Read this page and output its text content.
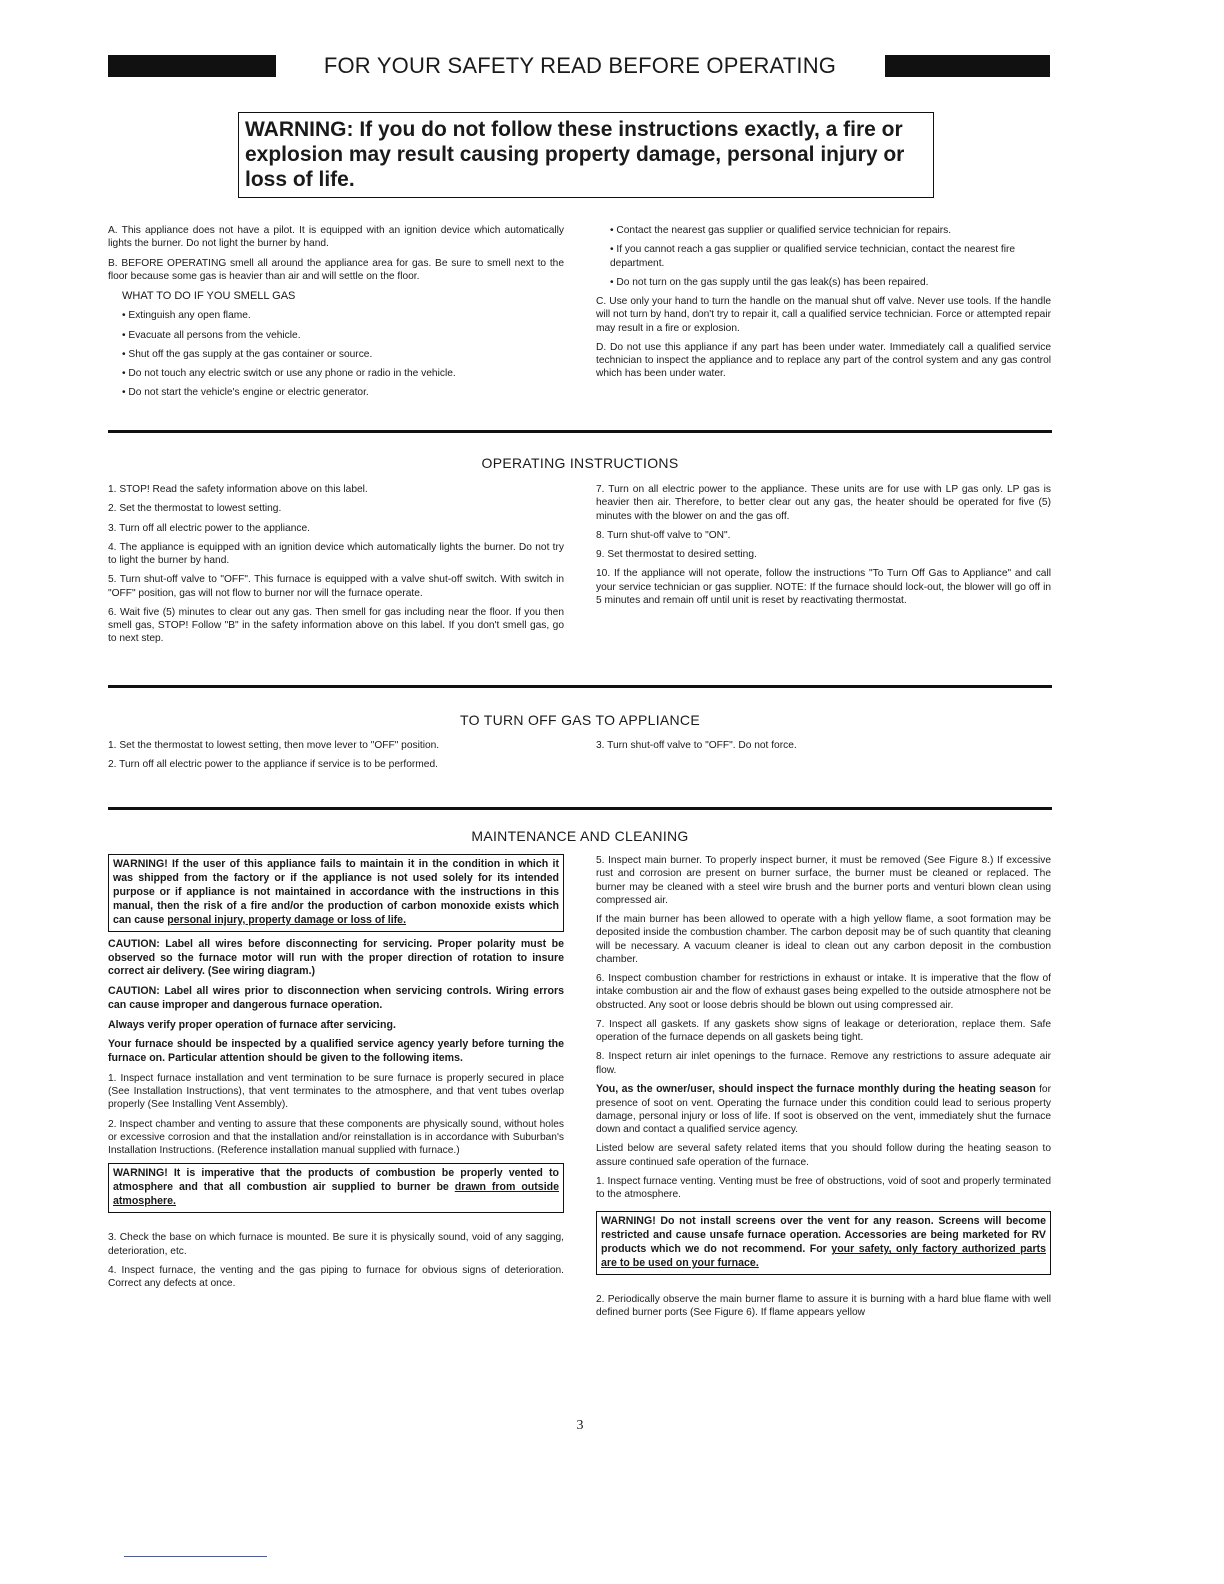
FOR YOUR SAFETY READ BEFORE OPERATING
WARNING: If you do not follow these instructions exactly, a fire or explosion may result causing property damage, personal injury or loss of life.

A. This appliance does not have a pilot. It is equipped with an ignition device which automatically lights the burner. Do not light the burner by hand.

B. BEFORE OPERATING smell all around the appliance area for gas. Be sure to smell next to the floor because some gas is heavier than air and will settle on the floor.

WHAT TO DO IF YOU SMELL GAS

• Extinguish any open flame.

• Evacuate all persons from the vehicle.

• Shut off the gas supply at the gas container or source.

• Do not touch any electric switch or use any phone or radio in the vehicle.

• Do not start the vehicle's engine or electric generator.

• Contact the nearest gas supplier or qualified service technician for repairs.

• If you cannot reach a gas supplier or qualified service technician, contact the nearest fire department.

• Do not turn on the gas supply until the gas leak(s) has been repaired.

C. Use only your hand to turn the handle on the manual shut off valve. Never use tools. If the handle will not turn by hand, don't try to repair it, call a qualified service technician. Force or attempted repair may result in a fire or explosion.

D. Do not use this appliance if any part has been under water. Immediately call a qualified service technician to inspect the appliance and to replace any part of the control system and any gas control which has been under water.

OPERATING INSTRUCTIONS

1. STOP! Read the safety information above on this label.

2. Set the thermostat to lowest setting.

3. Turn off all electric power to the appliance.

4. The appliance is equipped with an ignition device which automatically lights the burner. Do not try to light the burner by hand.

5. Turn shut-off valve to "OFF". This furnace is equipped with a valve shut-off switch. With switch in "OFF" position, gas will not flow to burner nor will the furnace operate.

6. Wait five (5) minutes to clear out any gas. Then smell for gas including near the floor. If you then smell gas, STOP! Follow "B" in the safety information above on this label. If you don't smell gas, go to next step.

7. Turn on all electric power to the appliance. These units are for use with LP gas only. LP gas is heavier then air. Therefore, to better clear out any gas, the heater should be operated for five (5) minutes with the blower on and the gas off.

8. Turn shut-off valve to "ON".

9. Set thermostat to desired setting.

10. If the appliance will not operate, follow the instructions "To Turn Off Gas to Appliance" and call your service technician or gas supplier. NOTE: If the furnace should lock-out, the blower will go off in 5 minutes and remain off until unit is reset by reactivating thermostat.

TO TURN OFF GAS TO APPLIANCE

1. Set the thermostat to lowest setting, then move lever to "OFF" position.

2. Turn off all electric power to the appliance if service is to be performed.

3. Turn shut-off valve to "OFF". Do not force.

MAINTENANCE AND CLEANING
WARNING! If the user of this appliance fails to maintain it in the condition in which it was shipped from the factory or if the appliance is not used solely for its intended purpose or if appliance is not maintained in accordance with the instructions in this manual, then the risk of a fire and/or the production of carbon monoxide exists which can cause personal injury, property damage or loss of life.

CAUTION: Label all wires before disconnecting for servicing. Proper polarity must be observed so the furnace motor will run with the proper direction of rotation to insure correct air delivery. (See wiring diagram.)

CAUTION: Label all wires prior to disconnection when servicing controls. Wiring errors can cause improper and dangerous furnace operation.

Always verify proper operation of furnace after servicing.

Your furnace should be inspected by a qualified service agency yearly before turning the furnace on. Particular attention should be given to the following items.

1. Inspect furnace installation and vent termination to be sure furnace is properly secured in place (See Installation Instructions), that vent terminates to the atmosphere, and that vent tubes overlap properly (See Installing Vent Assembly).

2. Inspect chamber and venting to assure that these components are physically sound, without holes or excessive corrosion and that the installation and/or reinstallation is in accordance with Suburban's Installation Instructions. (Reference installation manual supplied with furnace.)

WARNING! It is imperative that the products of combustion be properly vented to atmosphere and that all combustion air supplied to burner be drawn from outside atmosphere.

3. Check the base on which furnace is mounted. Be sure it is physically sound, void of any sagging, deterioration, etc.

4. Inspect furnace, the venting and the gas piping to furnace for obvious signs of deterioration. Correct any defects at once.

5. Inspect main burner. To properly inspect burner, it must be removed (See Figure 8.) If excessive rust and corrosion are present on burner surface, the burner must be cleaned or replaced. The burner may be cleaned with a steel wire brush and the burner ports and venturi blown clean using compressed air.

If the main burner has been allowed to operate with a high yellow flame, a soot formation may be deposited inside the combustion chamber. The carbon deposit may be of such quantity that cleaning will be necessary. A vacuum cleaner is ideal to clean out any carbon deposit in the combustion chamber.

6. Inspect combustion chamber for restrictions in exhaust or intake. It is imperative that the flow of intake combustion air and the flow of exhaust gases being expelled to the outside atmosphere not be obstructed. Any soot or loose debris should be blown out using compressed air.

7. Inspect all gaskets. If any gaskets show signs of leakage or deterioration, replace them. Safe operation of the furnace depends on all gaskets being tight.

8. Inspect return air inlet openings to the furnace. Remove any restrictions to assure adequate air flow.

You, as the owner/user, should inspect the furnace monthly during the heating season for presence of soot on vent. Operating the furnace under this condition could lead to serious property damage, personal injury or loss of life. If soot is observed on the vent, immediately shut the furnace down and contact a qualified service agency.

Listed below are several safety related items that you should follow during the heating season to assure continued safe operation of the furnace.

1. Inspect furnace venting. Venting must be free of obstructions, void of soot and properly terminated to the atmosphere.

WARNING! Do not install screens over the vent for any reason. Screens will become restricted and cause unsafe furnace operation. Accessories are being marketed for RV products which we do not recommend. For your safety, only factory authorized parts are to be used on your furnace.

2. Periodically observe the main burner flame to assure it is burning with a hard blue flame with well defined burner ports (See Figure 6). If flame appears yellow

3
